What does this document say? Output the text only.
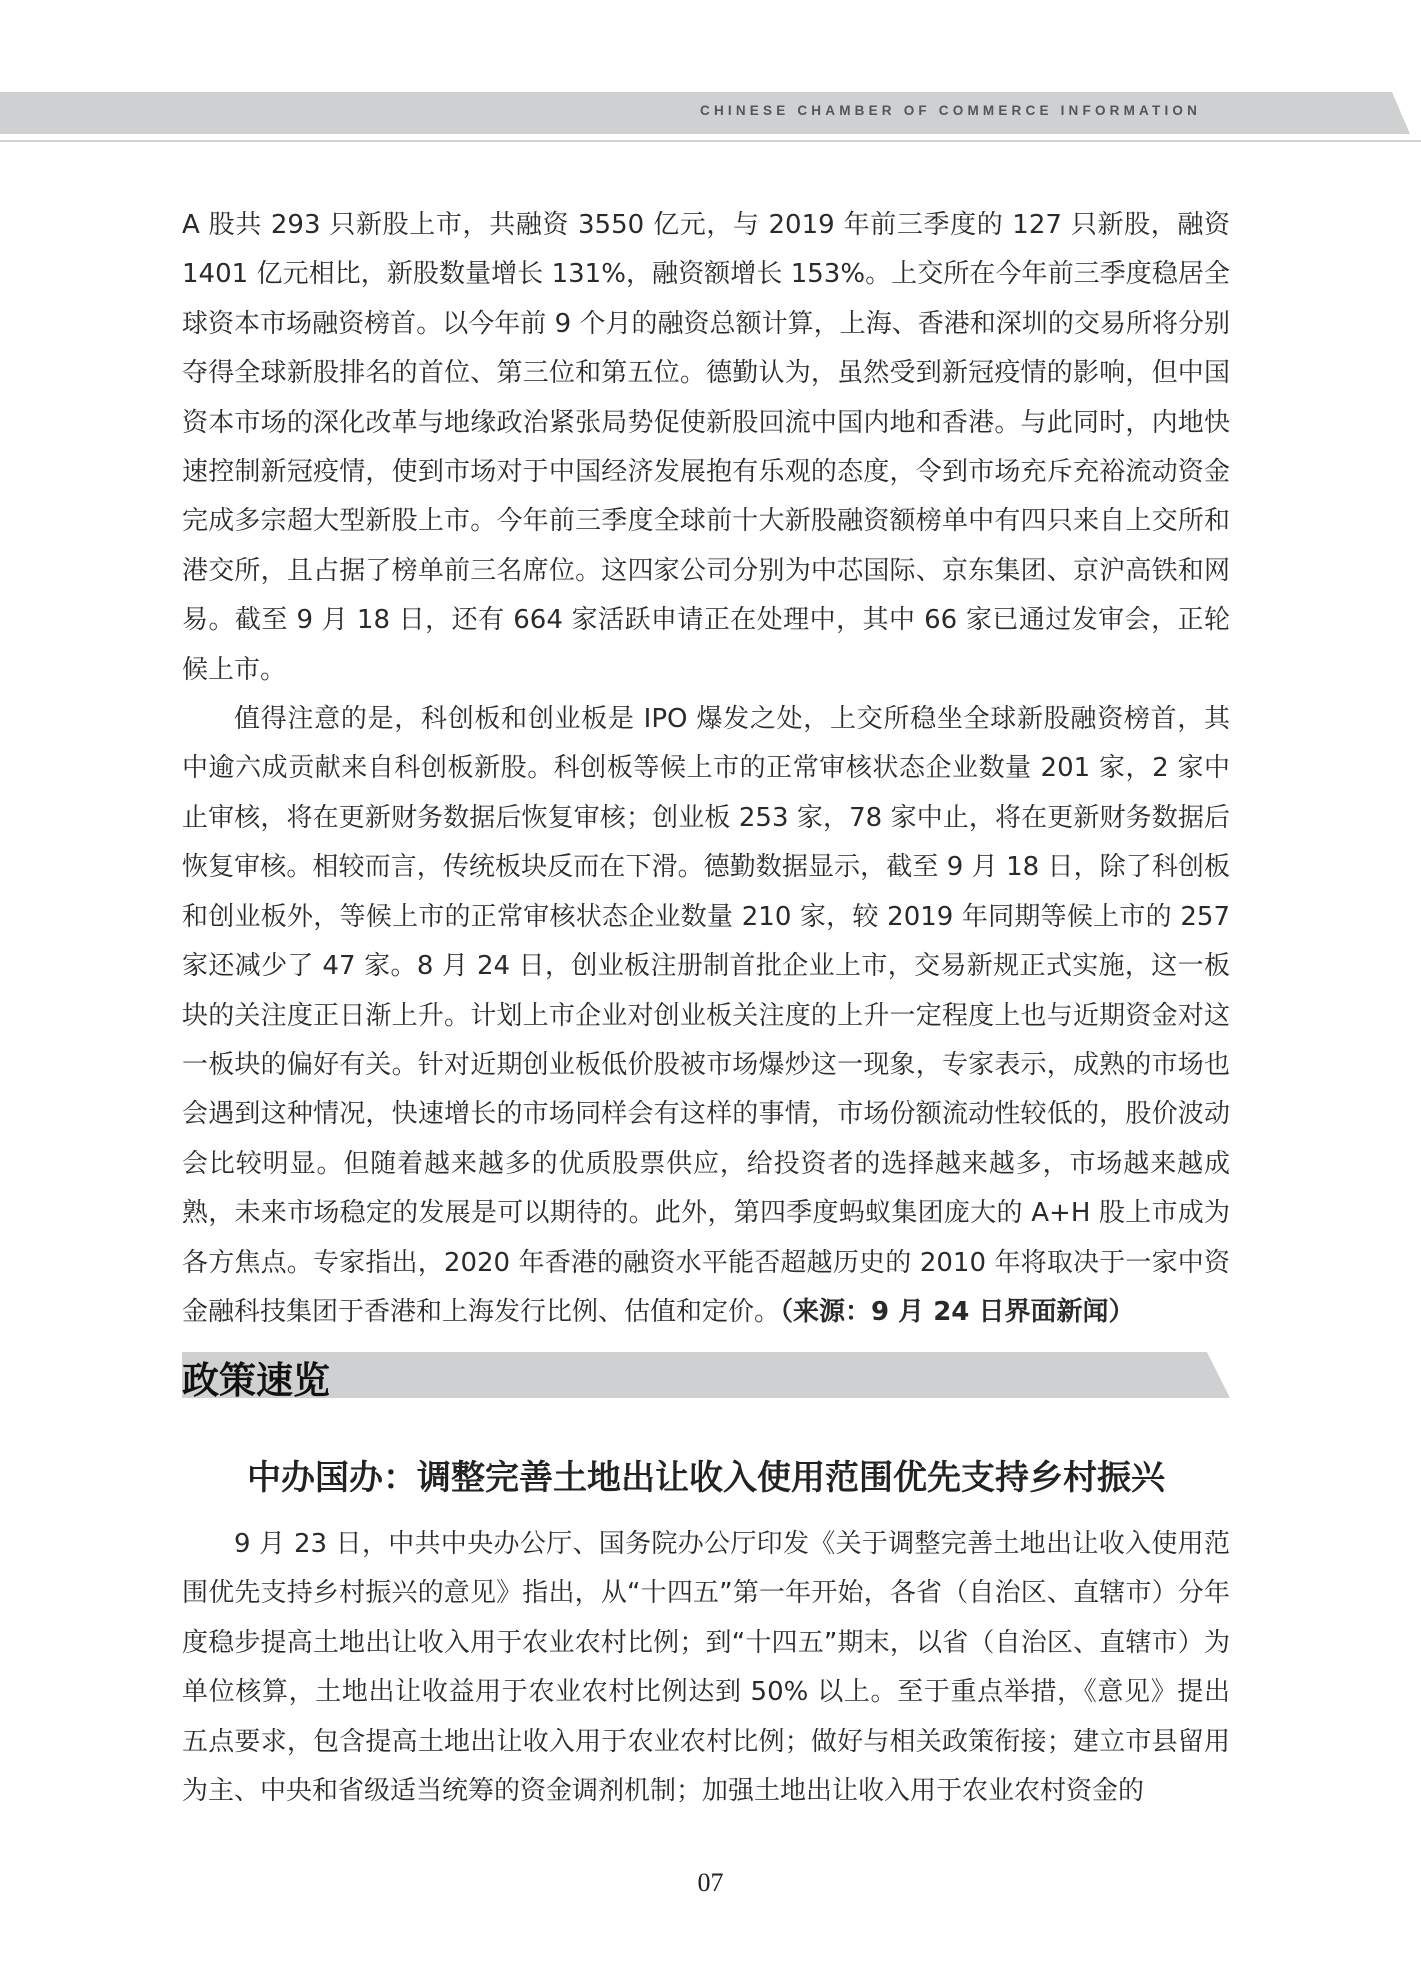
CHINESE CHAMBER OF COMMERCE INFORMATION

A 股共 293 只新股上市，共融资 3550 亿元，与 2019 年前三季度的 127 只新股，融资 1401 亿元相比，新股数量增长 131%，融资额增长 153%。上交所在今年前三季度稳居全球资本市场融资榜首。以今年前 9 个月的融资总额计算，上海、香港和深圳的交易所将分别夺得全球新股排名的首位、第三位和第五位。德勤认为，虽然受到新冠疫情的影响，但中国资本市场的深化改革与地缘政治紧张局势促使新股回流中国内地和香港。与此同时，内地快速控制新冠疫情，使到市场对于中国经济发展抱有乐观的态度，令到市场充斥充裕流动资金完成多宗超大型新股上市。今年前三季度全球前十大新股融资额榜单中有四只来自上交所和港交所，且占据了榜单前三名席位。这四家公司分别为中芯国际、京东集团、京沪高铁和网易。截至 9 月 18 日，还有 664 家活跃申请正在处理中，其中 66 家已通过发审会，正轮候上市。

值得注意的是，科创板和创业板是 IPO 爆发之处，上交所稳坐全球新股融资榜首，其中逾六成贡献来自科创板新股。科创板等候上市的正常审核状态企业数量 201 家，2 家中止审核，将在更新财务数据后恢复审核；创业板 253 家，78 家中止，将在更新财务数据后恢复审核。相较而言，传统板块反而在下滑。德勤数据显示，截至 9 月 18 日，除了科创板和创业板外，等候上市的正常审核状态企业数量 210 家，较 2019 年同期等候上市的 257 家还减少了 47 家。8 月 24 日，创业板注册制首批企业上市，交易新规正式实施，这一板块的关注度正日渐上升。计划上市企业对创业板关注度的上升一定程度上也与近期资金对这一板块的偏好有关。针对近期创业板低价股被市场爆炒这一现象，专家表示，成熟的市场也会遇到这种情况，快速增长的市场同样会有这样的事情，市场份额流动性较低的，股价波动会比较明显。但随着越来越多的优质股票供应，给投资者的选择越来越多，市场越来越成熟，未来市场稳定的发展是可以期待的。此外，第四季度蚂蚁集团庞大的 A+H 股上市成为各方焦点。专家指出，2020 年香港的融资水平能否超越历史的 2010 年将取决于一家中资金融科技集团于香港和上海发行比例、估值和定价。（来源：9 月 24 日界面新闻）

政策速览
中办国办：调整完善土地出让收入使用范围优先支持乡村振兴

9 月 23 日，中共中央办公厅、国务院办公厅印发《关于调整完善土地出让收入使用范围优先支持乡村振兴的意见》指出，从“十四五”第一年开始，各省（自治区、直辖市）分年度稳步提高土地出让收入用于农业农村比例；到“十四五”期末，以省（自治区、直辖市）为单位核算，土地出让收益用于农业农村比例达到 50% 以上。至于重点举措，《意见》提出五点要求，包含提高土地出让收入用于农业农村比例；做好与相关政策衔接；建立市县留用为主、中央和省级适当统筹的资金调剂机制；加强土地出让收入用于农业农村资金的

07
